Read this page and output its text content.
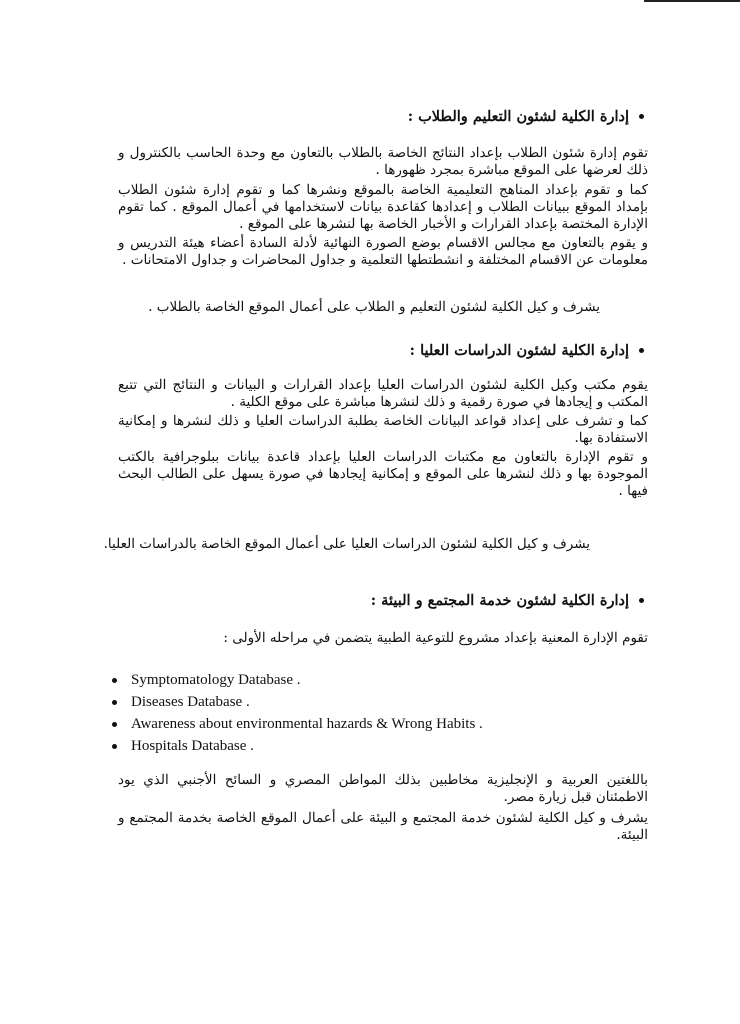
إدارة الكلية لشئون التعليم والطلاب :
تقوم إدارة شئون الطلاب بإعداد النتائج الخاصة بالطلاب بالتعاون مع وحدة الحاسب بالكنترول و ذلك لعرضها على الموقع مباشرة بمجرد ظهورها .
كما و تقوم بإعداد المناهج التعليمية الخاصة بالموقع ونشرها كما و تقوم إدارة شئون الطلاب بإمداد الموقع ببيانات الطلاب و إعدادها كقاعدة بيانات لاستخدامها في أعمال الموقع . كما تقوم الإدارة المختصة بإعداد القرارات و الأخبار الخاصة بها لنشرها على الموقع .
و يقوم بالتعاون مع مجالس الاقسام بوضع الصورة النهائية لأدلة السادة أعضاء هيئة التدريس و معلومات عن الاقسام المختلفة و انشطتطها التعلمية و جداول المحاضرات و جداول الامتحانات .
يشرف و كيل الكلية لشئون التعليم و الطلاب على أعمال الموقع الخاصة بالطلاب .
إدارة الكلية لشئون الدراسات العليا :
يقوم مكتب وكيل الكلية لشئون الدراسات العليا بإعداد القرارات و البيانات و النتائج التي تتبع المكتب و إيجادها في صورة رقمية و ذلك لنشرها مباشرة على موقع الكلية .
كما و تشرف على إعداد قواعد البيانات الخاصة بطلبة الدراسات العليا و ذلك لنشرها و إمكانية الاستفادة بها.
و تقوم الإدارة بالتعاون مع مكتبات الدراسات العليا بإعداد قاعدة بيانات ببلوجرافية بالكتب الموجودة بها و ذلك لنشرها على الموقع و إمكانية إيجادها في صورة يسهل على الطالب البحث فيها .
يشرف و كيل الكلية لشئون الدراسات العليا على أعمال الموقع الخاصة بالدراسات العليا.
إدارة الكلية لشئون خدمة المجتمع و البيئة :
تقوم الإدارة المعنية بإعداد مشروع للتوعية الطبية يتضمن في مراحله الأولى :
Symptomatology Database .
Diseases Database .
Awareness about environmental hazards & Wrong Habits .
Hospitals Database .
باللغتين العربية و الإنجليزية مخاطبين بذلك المواطن المصري و السائح الأجنبي الذي يود الاطمئنان قبل زيارة مصر.
يشرف و كيل الكلية لشئون خدمة المجتمع و البيئة على أعمال الموقع الخاصة بخدمة المجتمع و البيئة.
